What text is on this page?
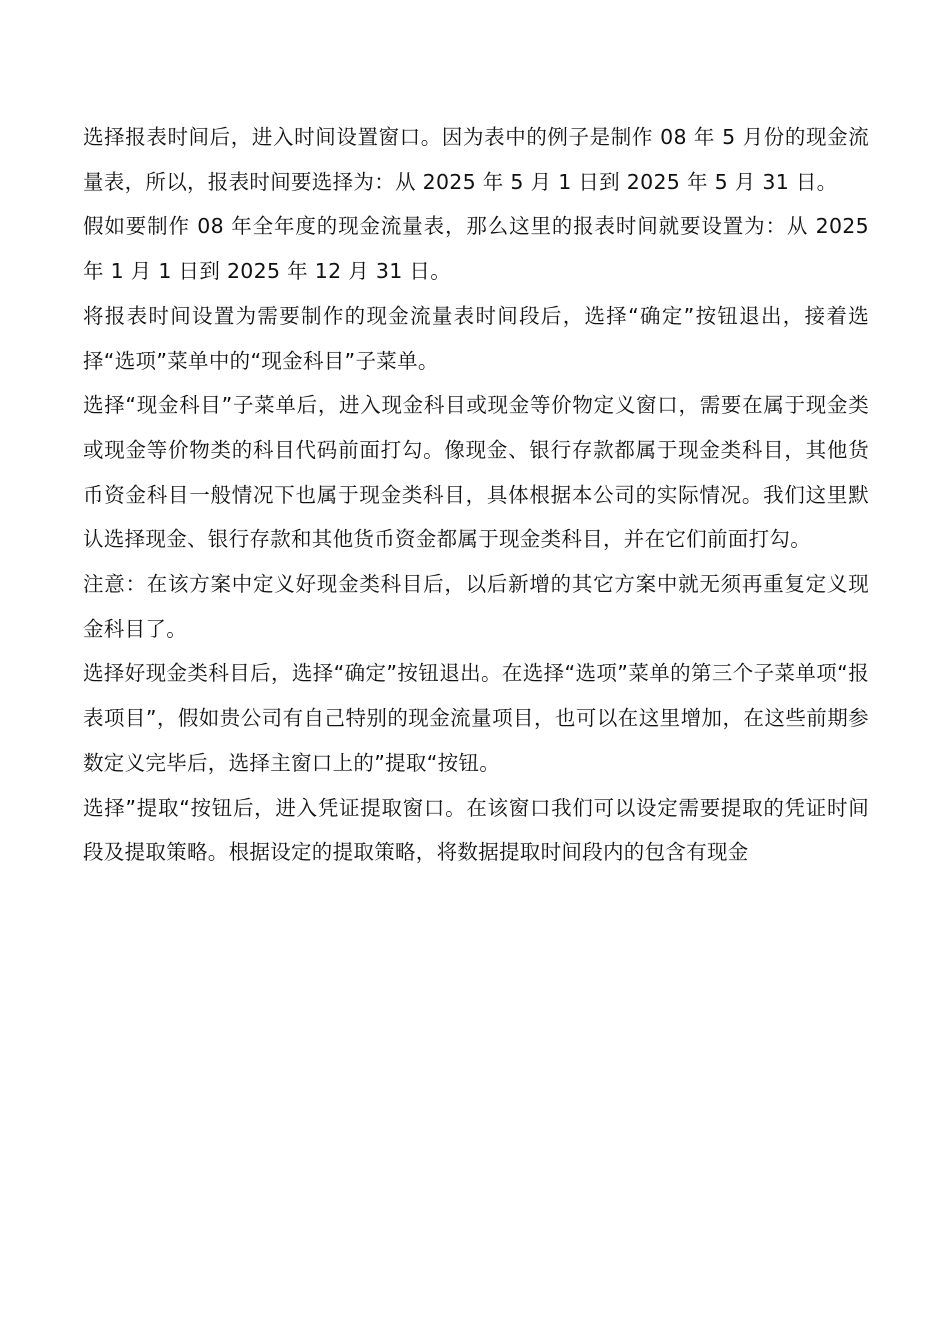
选择报表时间后，进入时间设置窗口。因为表中的例子是制作 08 年 5 月份的现金流量表，所以，报表时间要选择为：从 2025 年 5 月 1 日到 2025 年 5 月 31 日。

假如要制作 08 年全年度的现金流量表，那么这里的报表时间就要设置为：从 2025 年 1 月 1 日到 2025 年 12 月 31 日。

将报表时间设置为需要制作的现金流量表时间段后，选择“确定”按钮退出，接着选择“选项”菜单中的“现金科目”子菜单。

选择“现金科目”子菜单后，进入现金科目或现金等价物定义窗口，需要在属于现金类或现金等价物类的科目代码前面打勾。像现金、银行存款都属于现金类科目，其他货币资金科目一般情况下也属于现金类科目，具体根据本公司的实际情况。我们这里默认选择现金、银行存款和其他货币资金都属于现金类科目，并在它们前面打勾。

注意：在该方案中定义好现金类科目后，以后新增的其它方案中就无须再重复定义现金科目了。

选择好现金类科目后，选择“确定”按钮退出。在选择“选项”菜单的第三个子菜单项“报表项目”，假如贵公司有自己特别的现金流量项目，也可以在这里增加，在这些前期参数定义完毕后，选择主窗口上的”提取“按钮。

选择”提取“按钮后，进入凭证提取窗口。在该窗口我们可以设定需要提取的凭证时间段及提取策略。根据设定的提取策略，将数据提取时间段内的包含有现金
